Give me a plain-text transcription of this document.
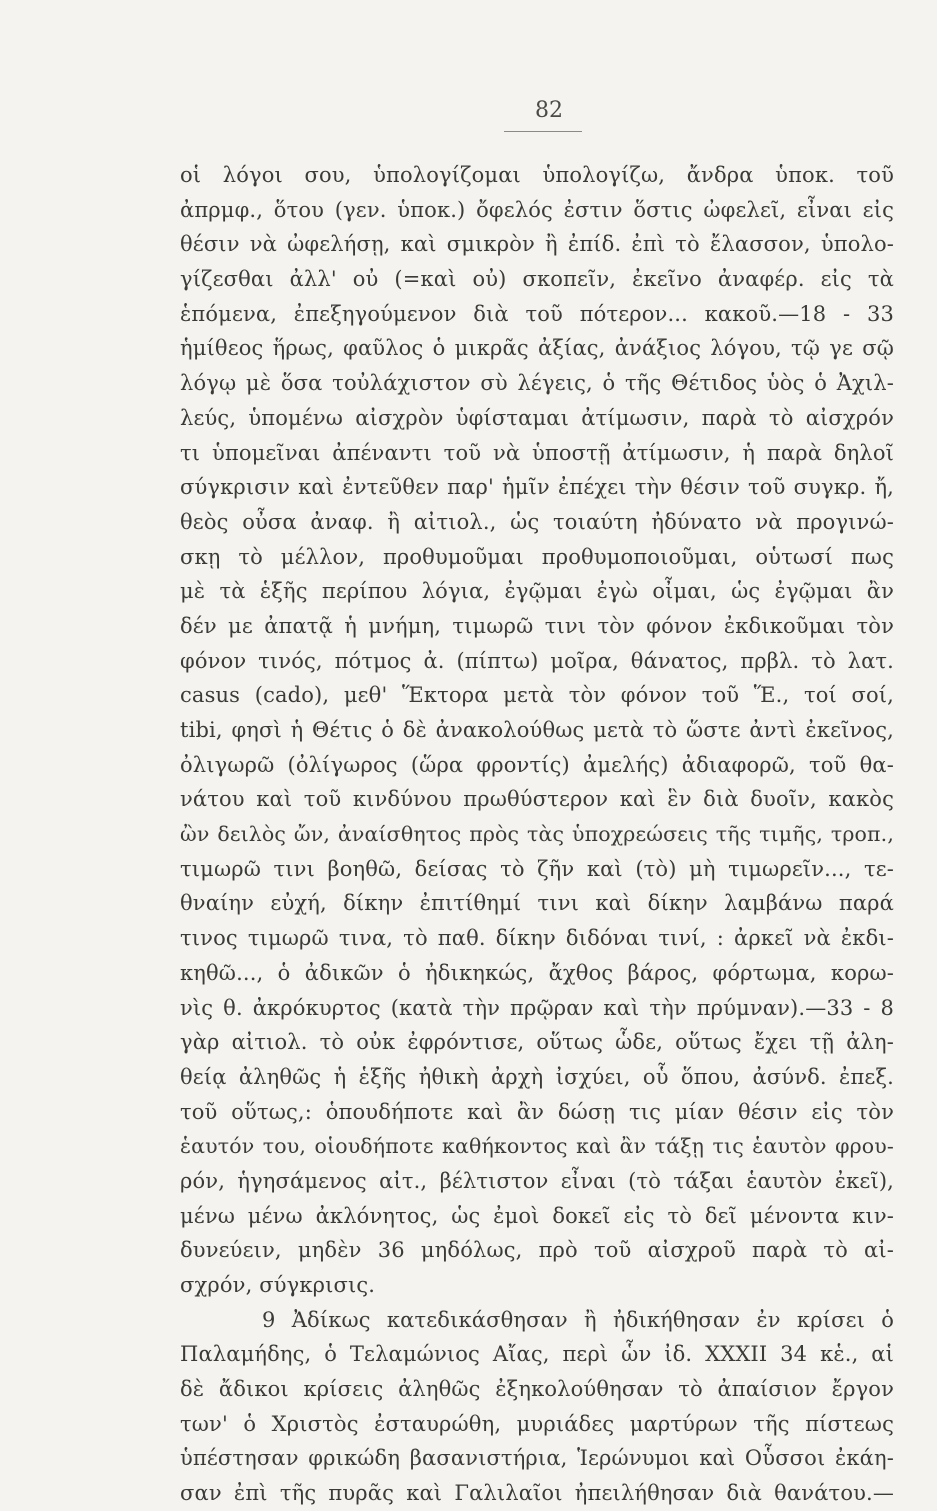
82
οἱ λόγοι σου, ὑπολογίζομαι ὑπολογίζω, ἄνδρα ὑποκ. τοῦ
ἀπρμφ., ὅτου (γεν. ὑποκ.) ὄφελός ἐστιν ὅστις ὠφελεῖ, εἶναι εἰς
θέσιν νὰ ὠφελήσῃ, καὶ σμικρὸν ἢ ἐπίδ. ἐπὶ τὸ ἔλασσον, ὑπολο-
γίζεσθαι ἀλλ' οὐ (=καὶ οὐ) σκοπεῖν, ἐκεῖνο ἀναφέρ. εἰς τὰ
ἑπόμενα, ἐπεξηγούμενον διὰ τοῦ πότερον... κακοῦ.—18 - 33
ἡμίθεος ἥρως, φαῦλος ὁ μικρᾶς ἀξίας, ἀνάξιος λόγου, τῷ γε σῷ
λόγῳ μὲ ὅσα τοὐλάχιστον σὺ λέγεις, ὁ τῆς Θέτιδος ὑὸς ὁ Ἀχιλ-
λεύς, ὑπομένω αἰσχρὸν ὑφίσταμαι ἀτίμωσιν, παρὰ τὸ αἰσχρόν
τι ὑπομεῖναι ἀπέναντι τοῦ νὰ ὑποστῇ ἀτίμωσιν, ἡ παρὰ δηλοῖ
σύγκρισιν καὶ ἐντεῦθεν παρ' ἡμῖν ἐπέχει τὴν θέσιν τοῦ συγκρ. ἤ,
θεὸς οὖσα ἀναφ. ἢ αἰτιολ., ὡς τοιαύτη ἠδύνατο νὰ προγινώ-
σκῃ τὸ μέλλον, προθυμοῦμαι προθυμοποιοῦμαι, οὑτωσί πως
μὲ τὰ ἑξῆς περίπου λόγια, ἐγῷμαι ἐγὼ οἶμαι, ὡς ἐγῷμαι ἂν
δέν με ἀπατᾷ ἡ μνήμη, τιμωρῶ τινι τὸν φόνον ἐκδικοῦμαι τὸν
φόνον τινός, πότμος ἀ. (πίπτω) μοῖρα, θάνατος, πρβλ. τὸ λατ.
casus (cado), μεθ' Ἕκτορα μετὰ τὸν φόνον τοῦ Ἕ., τοί σοί,
tibi, φησὶ ἡ Θέτις ὁ δὲ ἀνακολούθως μετὰ τὸ ὥστε ἀντὶ ἐκεῖνος,
ὀλιγωρῶ (ὀλίγωρος (ὥρα φροντίς) ἀμελής) ἀδιαφορῶ, τοῦ θα-
νάτου καὶ τοῦ κινδύνου πρωθύστερον καὶ ἓν διὰ δυοῖν, κακὸς
ὢν δειλὸς ὤν, ἀναίσθητος πρὸς τὰς ὑποχρεώσεις τῆς τιμῆς, τροπ.,
τιμωρῶ τινι βοηθῶ, δείσας τὸ ζῆν καὶ (τὸ) μὴ τιμωρεῖν..., τε-
θναίην εὐχή, δίκην ἐπιτίθημί τινι καὶ δίκην λαμβάνω παρά
τινος τιμωρῶ τινα, τὸ παθ. δίκην διδόναι τινί, : ἀρκεῖ νὰ ἐκδι-
κηθῶ..., ὁ ἀδικῶν ὁ ἠδικηκώς, ἄχθος βάρος, φόρτωμα, κορω-
νὶς θ. ἀκρόκυρτος (κατὰ τὴν πρῷραν καὶ τὴν πρύμναν).—33 - 8
γὰρ αἰτιολ. τὸ οὐκ ἐφρόντισε, οὕτως ὧδε, οὕτως ἔχει τῇ ἀλη-
θείᾳ ἀληθῶς ἡ ἑξῆς ἠθικὴ ἀρχὴ ἰσχύει, οὗ ὅπου, ἀσύνδ. ἐπεξ.
τοῦ οὕτως,: ὁπουδήποτε καὶ ἂν δώσῃ τις μίαν θέσιν εἰς τὸν
ἑαυτόν του, οἱουδήποτε καθήκοντος καὶ ἂν τάξῃ τις ἑαυτὸν φρου-
ρόν, ἡγησάμενος αἰτ., βέλτιστον εἶναι (τὸ τάξαι ἑαυτὸν ἐκεῖ),
μένω μένω ἀκλόνητος, ὡς ἐμοὶ δοκεῖ εἰς τὸ δεῖ μένοντα κιν-
δυνεύειν, μηδὲν 36 μηδόλως, πρὸ τοῦ αἰσχροῦ παρὰ τὸ αἰ-
σχρόν, σύγκρισις.
9 Ἀδίκως κατεδικάσθησαν ἢ ἠδικήθησαν ἐν κρίσει ὁ
Παλαμήδης, ὁ Τελαμώνιος Αἴας, περὶ ὧν ἰδ. XXXII 34 κἑ., αἱ
δὲ ἄδικοι κρίσεις ἀληθῶς ἐξηκολούθησαν τὸ ἀπαίσιον ἔργον
των' ὁ Χριστὸς ἐσταυρώθη, μυριάδες μαρτύρων τῆς πίστεως
ὑπέστησαν φρικώδη βασανιστήρια, Ἱερώνυμοι καὶ Οὗσσοι ἐκάη-
σαν ἐπὶ τῆς πυρᾶς καὶ Γαλιλαῖοι ἠπειλήθησαν διὰ θανάτου.—
